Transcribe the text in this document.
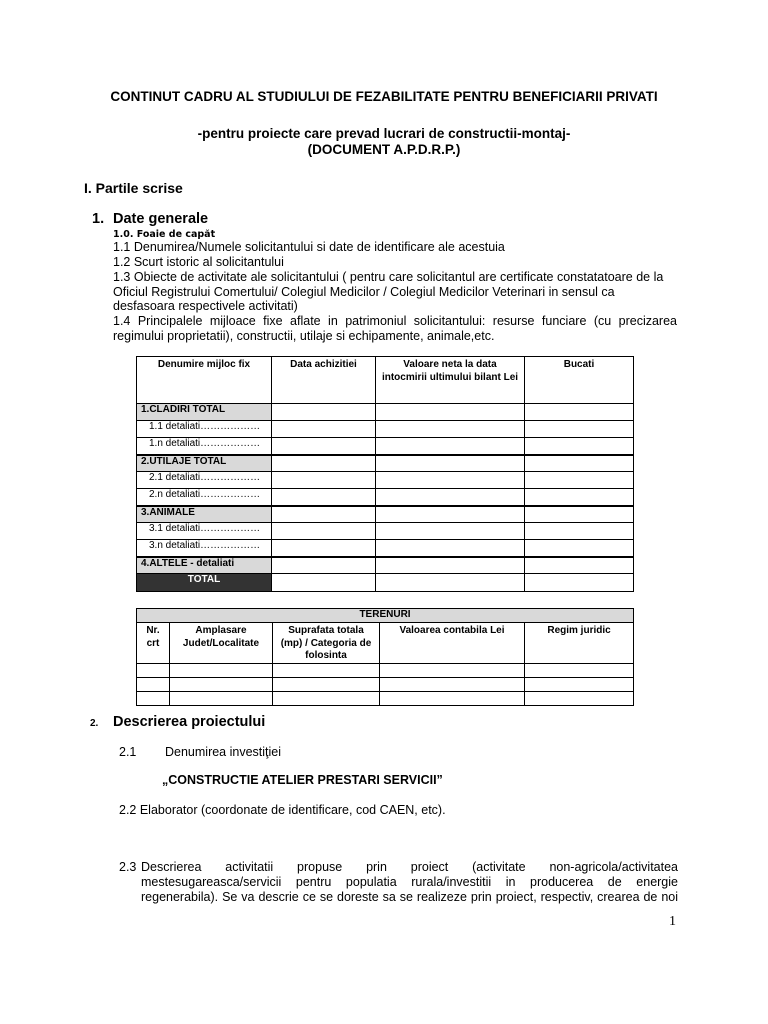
CONTINUT CADRU AL STUDIULUI DE FEZABILITATE PENTRU BENEFICIARII PRIVATI
-pentru proiecte care prevad lucrari de constructii-montaj-
(DOCUMENT A.P.D.R.P.)
I. Partile scrise
1. Date generale
1.0. Foaie de capăt
1.1 Denumirea/Numele solicitantului si date de identificare ale acestuia
1.2 Scurt istoric al solicitantului
1.3 Obiecte de activitate ale solicitantului ( pentru care solicitantul are certificate constatatoare de la
Oficiul Registrului Comertului/ Colegiul Medicilor / Colegiul Medicilor Veterinari in sensul ca
desfasoara respectivele activitati)
1.4 Principalele mijloace fixe aflate in patrimoniul solicitantului: resurse funciare (cu precizarea
regimului proprietatii), constructii, utilaje si echipamente, animale,etc.
Denumire mijloc fix	Data achizitiei	Valoare neta la data intocmirii ultimului bilant Lei	Bucati
1.CLADIRI TOTAL			
1.1 detaliati………………			
1.n detaliati………………			
2.UTILAJE TOTAL			
2.1 detaliati………………			
2.n detaliati………………			
3.ANIMALE			
3.1 detaliati………………			
3.n detaliati………………			
4.ALTELE - detaliati			
TOTAL			
TERENURI				
Nr. crt	Amplasare Judet/Localitate	Suprafata totala (mp) / Categoria de folosinta	Valoarea contabila Lei	Regim juridic

2. Descrierea proiectului
2.1 Denumirea investiţiei
„CONSTRUCTIE ATELIER PRESTARI SERVICII”
2.2 Elaborator (coordonate de identificare, cod CAEN, etc).
2.3 Descrierea activitatii propuse prin proiect (activitate non-agricola/activitatea
mestesugareasca/servicii pentru populatia rurala/investitii in producerea de energie
regenerabila). Se va descrie ce se doreste sa se realizeze prin proiect, respectiv, crearea de noi
1
